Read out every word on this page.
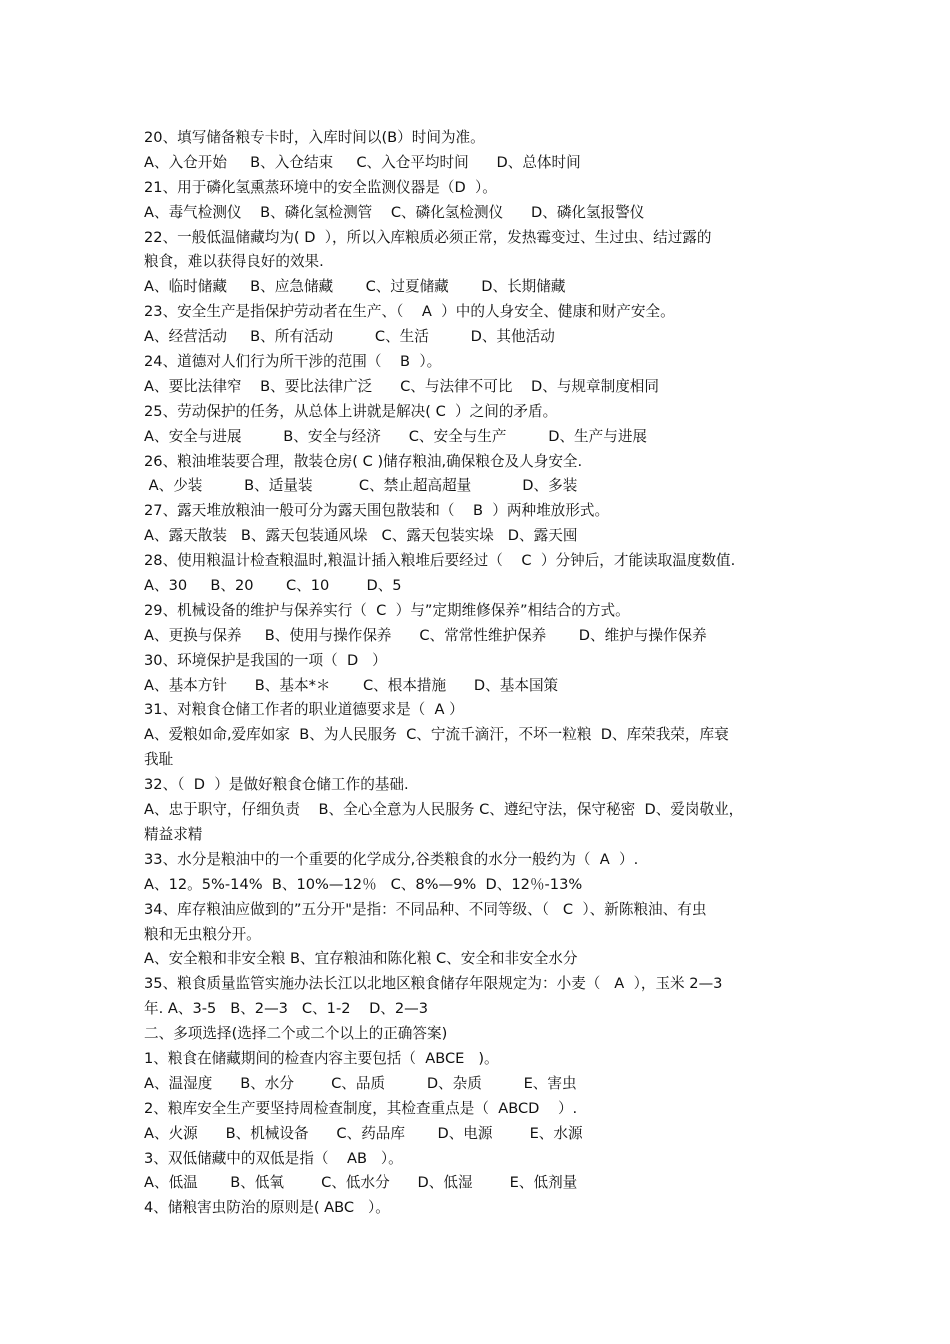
20、填写储备粮专卡时，入库时间以(B）时间为准。
A、入仓开始     B、入仓结束     C、入仓平均时间      D、总体时间
21、用于磷化氢熏蒸环境中的安全监测仪器是（D  ）。
A、毒气检测仪    B、磷化氢检测管    C、磷化氢检测仪      D、磷化氢报警仪
22、一般低温储藏均为( D  ），所以入库粮质必须正常，发热霉变过、生过虫、结过露的
粮食，难以获得良好的效果.
A、临时储藏     B、应急储藏       C、过夏储藏       D、长期储藏
23、安全生产是指保护劳动者在生产、（    A  ）中的人身安全、健康和财产安全。
A、经营活动     B、所有活动         C、生活         D、其他活动
24、道德对人们行为所干涉的范围（    B  ）。
A、要比法律窄    B、要比法律广泛      C、与法律不可比    D、与规章制度相同
25、劳动保护的任务，从总体上讲就是解决( C  ）之间的矛盾。
A、安全与进展         B、安全与经济      C、安全与生产         D、生产与进展
26、粮油堆装要合理，散装仓房( C )储存粮油,确保粮仓及人身安全.
A、少装         B、适量装          C、禁止超高超量           D、多装
27、露天堆放粮油一般可分为露天围包散装和（    B  ）两种堆放形式。
A、露天散装   B、露天包装通风垛   C、露天包装实垛   D、露天囤
28、使用粮温计检查粮温时,粮温计插入粮堆后要经过（    C  ）分钟后，才能读取温度数值.
A、30     B、20       C、10        D、5
29、机械设备的维护与保养实行（  C  ）与”定期维修保养”相结合的方式。
A、更换与保养     B、使用与操作保养      C、常常性维护保养       D、维护与操作保养
30、环境保护是我国的一项（  D   ）
A、基本方针      B、基本*＊       C、根本措施      D、基本国策
31、对粮食仓储工作者的职业道德要求是（  A ）
A、爱粮如命,爱库如家  B、为人民服务  C、宁流千滴汗，不坏一粒粮  D、库荣我荣，库衰
我耻
32、（  D  ）是做好粮食仓储工作的基础.
A、忠于职守，仔细负责    B、全心全意为人民服务 C、遵纪守法，保守秘密  D、爱岗敬业，
精益求精
33、水分是粮油中的一个重要的化学成分,谷类粮食的水分一般约为（  A  ）.
A、12。5%-14%  B、10%—12％   C、8%—9%  D、12％-13%
34、库存粮油应做到的”五分开"是指：不同品种、不同等级、（   C  ）、新陈粮油、有虫
粮和无虫粮分开。
A、安全粮和非安全粮 B、宜存粮油和陈化粮 C、安全和非安全水分
35、粮食质量监管实施办法长江以北地区粮食储存年限规定为：小麦（   A  ），玉米 2—3
年. A、3-5   B、2—3   C、1-2    D、2—3
二、多项选择(选择二个或二个以上的正确答案)
1、粮食在储藏期间的检查内容主要包括（  ABCE   )。
A、温湿度      B、水分        C、品质         D、杂质         E、害虫
2、粮库安全生产要坚持周检查制度，其检查重点是（  ABCD    ）.
A、火源      B、机械设备      C、药品库       D、电源        E、水源
3、双低储藏中的双低是指（    AB   ）。
A、低温       B、低氧        C、低水分      D、低湿        E、低剂量
4、储粮害虫防治的原则是( ABC   ）。
